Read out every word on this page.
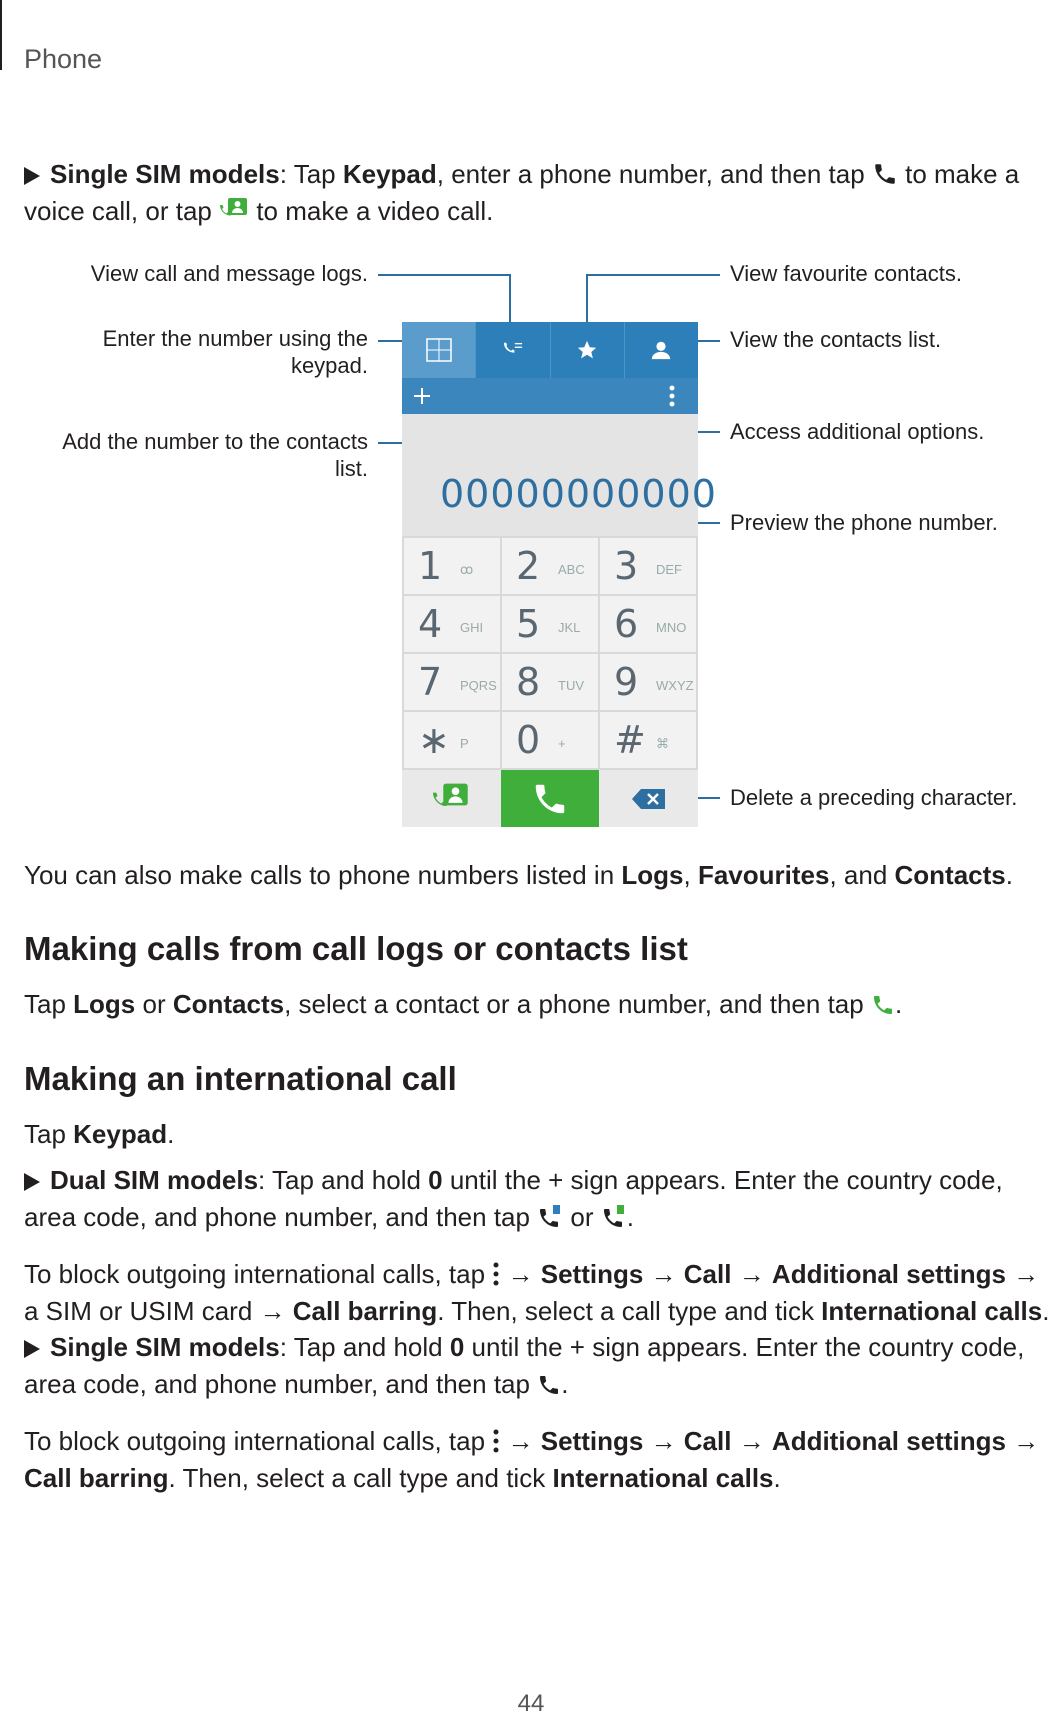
Phone
Single SIM models: Tap Keypad, enter a phone number, and then tap  to make a voice call, or tap  to make a video call.
View call and message logs.	View favourite contacts.
Enter the number using the keypad.
View the contacts list.
Add the number to the contacts list.
Access additional options.
Preview the phone number.
Delete a preceding character.
00000000000
1 ꝏ 2 ABC 3 DEF
4 GHI 5 JKL 6 MNO
7 PQRS 8 TUV 9 WXYZ
∗ P 0 + # ⌘
You can also make calls to phone numbers listed in Logs, Favourites, and Contacts.
Making calls from call logs or contacts list
Tap Logs or Contacts, select a contact or a phone number, and then tap .
Making an international call
Tap Keypad.
Dual SIM models: Tap and hold 0 until the + sign appears. Enter the country code, area code, and phone number, and then tap  or .
To block outgoing international calls, tap  → Settings → Call → Additional settings → a SIM or USIM card → Call barring. Then, select a call type and tick International calls.
Single SIM models: Tap and hold 0 until the + sign appears. Enter the country code, area code, and phone number, and then tap .
To block outgoing international calls, tap  → Settings → Call → Additional settings → Call barring. Then, select a call type and tick International calls.
44
